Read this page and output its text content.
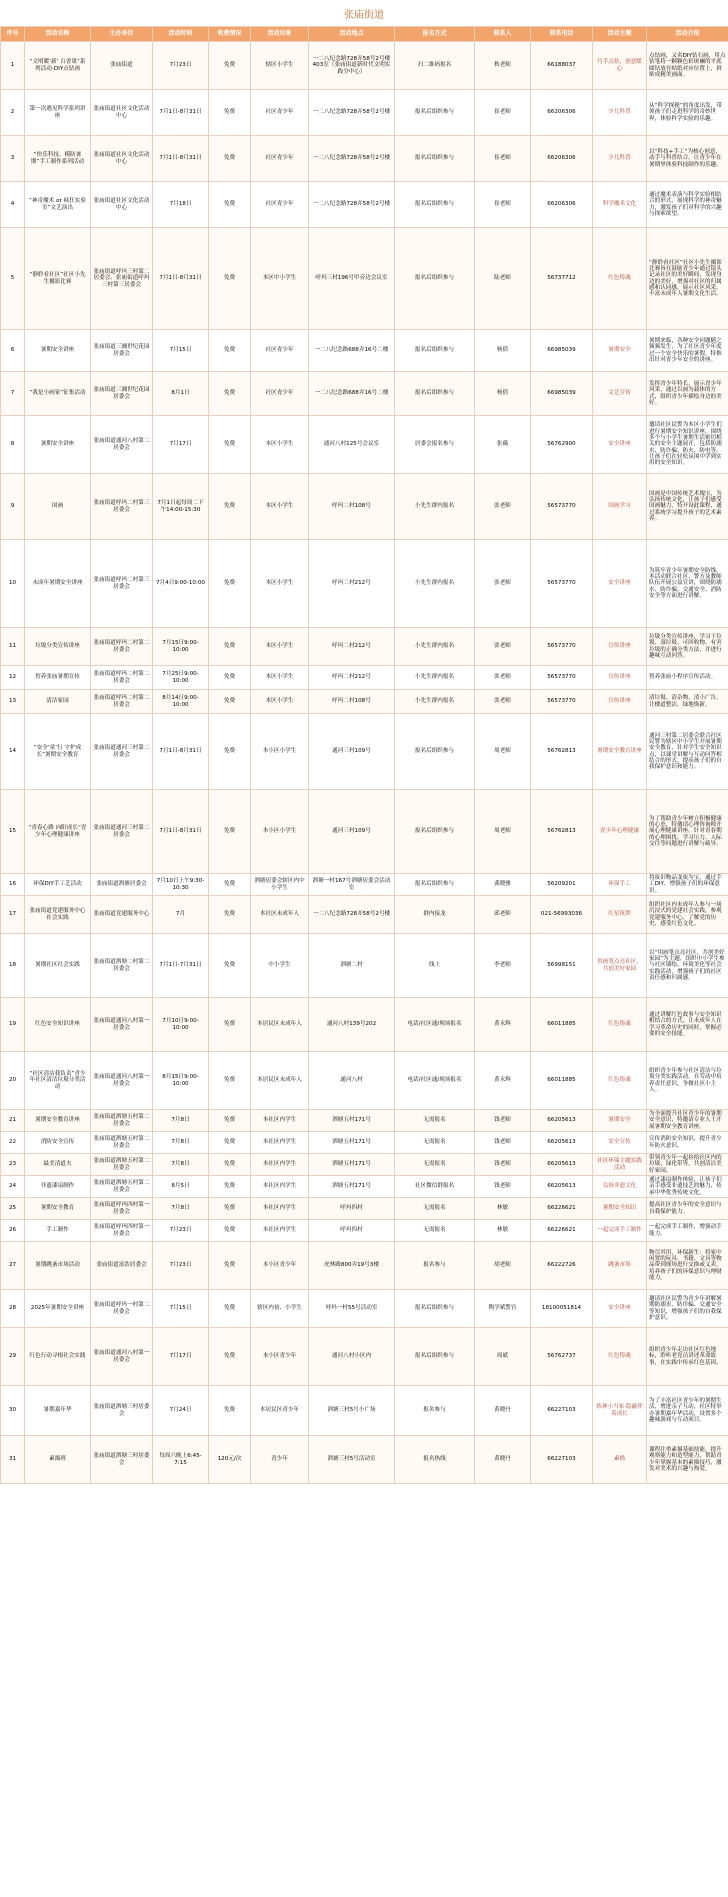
张庙街道
序号	活动名称	主办单位	活动时间	收费情况	活动对象	活动地点	报名方式	联系人	联系电话	活动主题	活动介绍
1	“文明暖‘新’ 百香果”系列活动-DIY点钻画	张庙街道	7月23日	免费	辖区小学生	一二八纪念路728弄58号2号楼403室（张庙街道新时代文明实践分中心）	扫二维码报名	秋老师	66188037	巧手点钻，创意暖心	点钻画，又名DIY钻石画，用点钻笔将一颗颗色彩斑斓的平底圆钻放在贴纸对应位置上，拼贴成精美画面。
2	第一次遇见科学系列讲座	张庙街道社区文化活动中心	7月1日-8月31日	免费	社区青少年	一二八纪念路728弄58号2号楼	报名后组织参与	崔老师	66206306	少儿科普	从“科学探秘”的角度出发，带领孩子们走进科学的奇妙世界，体验科学实验的乐趣。
3	“快乐科技，模防暑期”手工制作系列活动	张庙街道社区文化活动中心	7月1日-8月31日	免费	社区青少年	一二八纪念路728弄58号2号楼	报名后组织参与	崔老师	66206306	少儿科普	以“科技+手工”为核心创意，动手与科普结合，让青少年在暑期里体验科技制作的乐趣。
4	“神奇魔术 or 疯狂实验室”文艺演出	张庙街道社区文化活动中心	7月18日	免费	社区青少年	一二八纪念路728弄58号2号楼	报名后组织参与	崔老师	66206306	科学魔术文化	通过魔术表演与科学实验相结合的形式，展现科学的神奇魅力，激发孩子们对科学的兴趣与探索欲望。
5	“静聆看社区”社区小先生摄影比赛	张庙街道呼玛三村第二居委会、张庙街道呼玛三村第三居委会	7月1日-8月31日	免费	本区中小学生	呼玛三村196号甲旁边会议室	报名后组织参与	陆老师	56737712	红色铸魂	“静聆看社区”社区小先生摄影比赛旨在鼓励青少年通过镜头记录社区的美好瞬间，发现身边的美好，增强对社区的归属感和认同感，展示社区风采，丰富未成年人暑期文化生活。
6	暑期安全讲座	张庙街道三湘世纪花园居委会	7月15日	免费	社区青少年	一二八纪念路688弄16号二楼	报名后组织参与	杨倩	66985039	暑期安全	暑期来临，各种安全问题随之频频发生，为了社区青少年度过一个安全快乐的暑假，特推出针对青少年安全的讲座。
7	“我是小画家”征集活动	张庙街道三湘世纪花园居委会	8月1日	免费	社区青少年	一二八纪念路688弄16号二楼	报名后组织参与	杨倩	66985039	文艺宣传	发挥青少年特长，展示青少年风采，通过以画为载体的方式，组织青少年描绘身边的美好。
8	暑期安全讲座	张庙街道通河八村第二居委会	7月17日	免费	本区小学生	通河八村125号会议室	居委会报名参与	张薇	56762900	安全讲座	邀请社区民警为本区小学生们进行暑期安全知识讲座，围绕多个与小学生暑期生活密切相关的安全主题展开，包括防溺水、防诈骗、防火、防电等，让孩子们在轻松氛围中学到实用的安全知识。
9	国画	张庙街道呼玛二村第三居委会	7月1日起每周二下午14:00-15:30	免费	本区小学生	呼玛二村108号	小先生群内报名	张老师	56573770	国画学习	国画是中国传统艺术瑰宝，为弘扬传统文化，让孩子们感受国画魅力，特开设此课程，通过系统学习提升孩子的艺术素养。
10	未成年暑期安全讲座	张庙街道呼玛二村第三居委会	7月4日9:00-10:00	免费	本区小学生	呼玛二村212号	小先生群内报名	张老师	56573770	安全讲座	为筑牢青少年暑期安全防线，本活动联合社区、警方及教师队伍开展公益宣讲，围绕防溺水、防诈骗、交通安全、消防安全等方面进行讲解。
11	垃圾分类宣传讲座	张庙街道呼玛二村第二居委会	7月15日9:00-10:00	免费	本区小学生	呼玛二村212号	小先生群内报名	张老师	56573770	宣传讲座	垃圾分类宣传讲座，学习干垃圾、湿垃圾、可回收物、有害垃圾的正确分类方法，并进行趣味互动问答。
12	智养张庙暑期宣传	张庙街道呼玛二村第二居委会	7月25日9:00-10:00	免费	本区小学生	呼玛二村212号	小先生群内报名	张老师	56573770	宣传讲座	智养张庙小程序宣传活动。
13	清洁家园	张庙街道呼玛二村第二居委会	8月14日9:00-10:00	免费	本区小学生	呼玛二村108号	小先生群内报名	张老师	56573770	宣传讲座	清垃圾、清杂物、清小广告，让楼道整洁、绿地焕新。
14	“安全‘童’行 守护成长”暑期安全教育	张庙街道通河三村第二居委会	7月1日-8月31日	免费	本小区小学生	通河三村109号	报名后组织参与	周老师	56762813	暑期安全教育讲座	通河三村第二居委会联合社区民警为辖区中小学生开展暑期安全教育，针对学生安全知识点，以课堂讲解与互动问答相结合的形式，提高孩子们的自我保护意识和能力。
15	“青春心路 向阳成长”青少年心理健康讲座	张庙街道通河三村第二居委会	7月1日-8月31日	免费	本小区小学生	通河三村109号	报名后组织参与	周老师	56762813	青少年心理健康	为了帮助青少年树立积极健康的心态，特邀请心理咨询师开展心理健康讲座，针对青春期的心理困扰、学习压力、人际交往等问题进行讲解与疏导。
16	环保DIY手工艺活动	张庙街道泗塘居委会	7月10日上午9:30-10:30	免费	泗塘居委会辖区内中小学生	泗塘一村167号泗塘居委会活动室	报名后组织参与	龚晓雅	56209201	环保手工	将废旧物品变废为宝，通过手工DIY，增强孩子们的环保意识。
17	张庙街道党建服务中心社会实践	张庙街道党建服务中心	7月	免费	本社区未成年人	一二八纪念路728弄58号2号楼	群内接龙	邱老师	021-56993036	红星筑梦	组织社区内未成年人参与一场沉浸式的党建社会实践，参观党建服务中心，了解党的历史，感受红色文化。
18	暑期社区社会实践	张庙街道泗塘二村第二居委会	7月1日-7月31日	免费	中小学生	泗塘二村	线上	李老师	56998151	用画笔点亮社区，共创美好家园	以“用画笔点亮社区，共创美好家园”为主题，组织中小学生参与社区墙绘、环境美化等社会实践活动，增强孩子们的社区责任感和归属感。
19	红色安全知识讲座	张庙街道通河八村第一居委会	7月10日9:00-10:00	免费	本居民区未成年人	通河八村139号202	电话/社区通/现场报名	黄永辉	66011885	红色铸魂	通过讲解红色故事与安全知识相结合的方式，让未成年人在学习革命历史的同时，掌握必要的安全技能。
20	“社区清洁我负责”青少年社区清洁垃圾分类活动	张庙街道通河八村第一居委会	8月15日9:00-10:00	免费	本居民区未成年人	通河八村	电话/社区通/现场报名	黄永辉	66011885	红色铸魂	组织青少年参与社区清洁与垃圾分类实践活动，在劳动中培养责任意识，争做社区小主人。
21	暑期安全教育讲座	张庙街道泗塘五村第二居委会	7月8日	免费	本社区内学生	泗塘五村171号	无需报名	钱老师	66205613	暑期安全	为全面提升社区青少年的暑期安全意识，特邀请专业人士开展暑期安全教育讲座。
22	消防安全宣传	张庙街道泗塘五村第二居委会	7月8日	免费	本社区内学生	泗塘五村171号	无需报名	钱老师	66205613	安全宣传	宣传消防安全知识，提升青少年防火意识。
23	最美清道夫	张庙街道泗塘五村第二居委会	7月8日	免费	本社区内学生	泗塘五村171号	无需报名	钱老师	66205613	社区环保主题实践活动	带领青少年一起捡拾社区内的垃圾，绿化带等，共创清洁美好家园。
24	非遗漆扇制作	张庙街道泗塘五村第二居委会	8月5日	免费	本社区内学生	泗塘五村171号	社区微信群报名	钱老师	66205613	弘扬非遗文化	通过漆扇制作体验，让孩子们亲手感受非遗技艺的魅力，传承中华优秀传统文化。
25	暑期安全教育	张庙街道呼玛四村第一居委会	7月8日	免费	本社区内学生	呼玛四村	无需报名	林敏	66226621	暑期安全知识	提高社区青少年的安全意识与自我保护能力。
26	手工制作	张庙街道呼玛四村第一居委会	7月23日	免费	本社区内学生	呼玛四村	无需报名	林敏	66226621	一起完成手工制作	一起完成手工制作，增强动手能力。
27	暑期跳蚤市场活动	张庙街道富浩居委会	7月23日	免费	本小区青少年	虎林路800弄19号3楼	报名参与	胡老师	66222726	跳蚤市场	物尽其用，环保新生：将家中闲置的玩具、书籍、文具等物品带到现场进行交换或义卖，培养孩子们的环保意识与理财能力。
28	2025年暑期安全讲座	张庙街道呼玛一村第二居委会	7月15日	免费	辖区内初、小学生	呼玛一村55号活动室	报名后组织参与	陶学斌警官	18100051814	安全讲座	邀请社区民警为青少年讲解暑期防溺水、防诈骗、交通安全等知识，增强孩子们的自我保护意识。
29	红色行动寻根社会实践	张庙街道通河八村第一居委会	7月17日	免费	本小区青少年	通河八村小区内	报名后组织参与	周斌	56762737	红色铸魂	组织青少年走访社区红色地标，聆听老党员讲述革命故事，在实践中传承红色基因。
30	暑期嘉年华	张庙街道泗塘三村居委会	7月24日	免费	本居民区青少年	泗塘三村5号小广场	报名参与	黄晓丹	66227103	炼神小当家·隐蔽伴着成长	为了丰富社区青少年的暑期生活，增进亲子互动，社区特举办暑期嘉年华活动，设置多个趣味游戏与互动项目。
31	素描班	张庙街道泗塘三村居委会	每周六晚上6:45-7:15	120元/次	青少年	泗塘三村5号活动室	报名热线	黄晓丹	66227103	素描	课程注重素描基础技能，提升观察能力和造型能力，帮助青少年掌握基本的素描技巧，激发对美术的兴趣与热爱。
